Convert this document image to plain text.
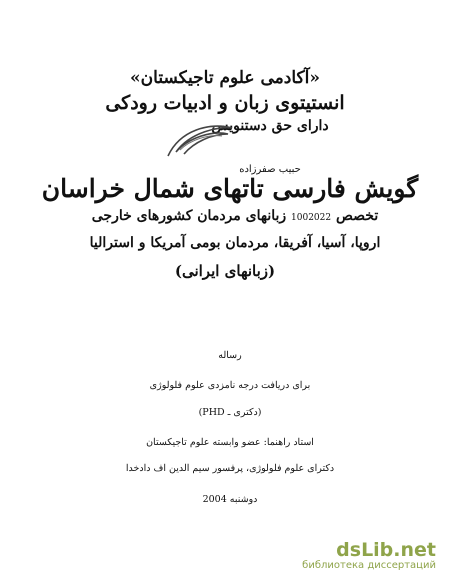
«آکادمی علوم تاجیکستان»
انستیتوی زبان و ادبیات رودکی
دارای حق دستنویس
حبیب صفرزاده
گویش فارسی تاتهای شمال خراسان
تخصص 1002022 زبانهای مردمان کشورهای خارجی
اروپا، آسیا، آفریقا، مردمان بومی آمریکا و استرالیا
(زبانهای ایرانی)
رساله
برای دریافت درجه نامزدی علوم فلولوژی
(دکتری ـ PHD)
استاد راهنما: عضو وابسته علوم تاجیکستان
دکترای علوم فلولوژی، پرفسور سیم الدین اف دادخدا
دوشنبه 2004
dsLib.net
библиотека диссертаций
